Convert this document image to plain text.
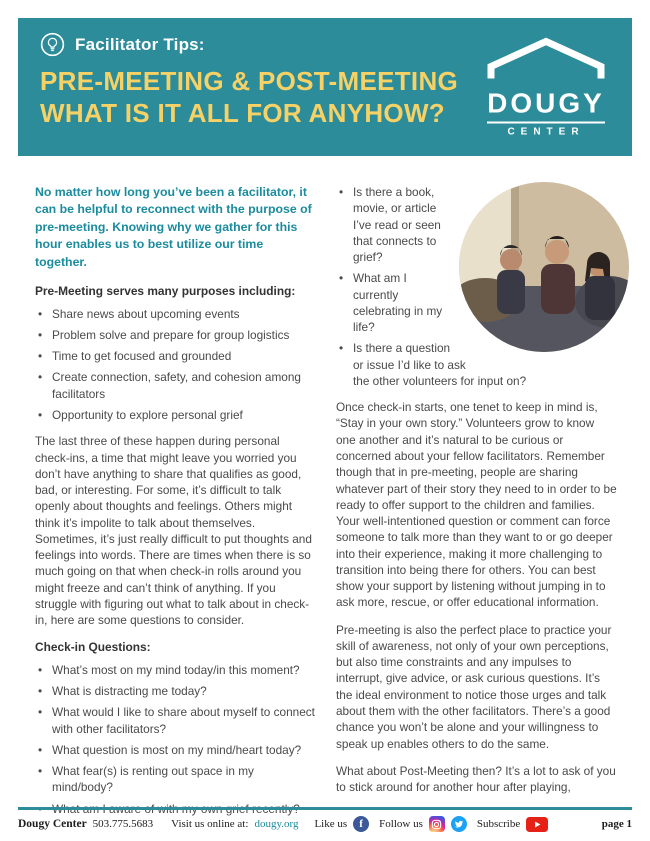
Facilitator Tips:
PRE-MEETING & POST-MEETING
WHAT IS IT ALL FOR ANYHOW?	DOUGY
CENTER

No matter how long you’ve been a facilitator, it can be helpful to reconnect with the purpose of pre-meeting. Knowing why we gather for this hour enables us to best utilize our time together.

Pre-Meeting serves many purposes including:
• Share news about upcoming events
• Problem solve and prepare for group logistics
• Time to get focused and grounded
• Create connection, safety, and cohesion among facilitators
• Opportunity to explore personal grief

The last three of these happen during personal check-ins, a time that might leave you worried you don’t have anything to share that qualifies as good, bad, or interesting. For some, it’s difficult to talk openly about thoughts and feelings. Others might think it’s impolite to talk about themselves. Sometimes, it’s just really difficult to put thoughts and feelings into words. There are times when there is so much going on that when check-in rolls around you might freeze and can’t think of anything. If you struggle with figuring out what to talk about in check-in, here are some questions to consider.

Check-in Questions:
• What’s most on my mind today/in this moment?
• What is distracting me today?
• What would I like to share about myself to connect with other facilitators?
• What question is most on my mind/heart today?
• What fear(s) is renting out space in my mind/body?
• What am I aware of with my own grief recently?
• Is there a book, movie, or article I’ve read or seen that connects to grief?
• What am I currently celebrating in my life?
• Is there a question or issue I’d like to ask the other volunteers for input on?

Once check-in starts, one tenet to keep in mind is, “Stay in your own story.” Volunteers grow to know one another and it’s natural to be curious or concerned about your fellow facilitators. Remember though that in pre-meeting, people are sharing whatever part of their story they need to in order to be ready to offer support to the children and families. Your well-intentioned question or comment can force someone to talk more than they want to or go deeper into their experience, making it more challenging to transition into being there for others. You can best show your support by listening without jumping in to ask more, rescue, or offer educational information.

Pre-meeting is also the perfect place to practice your skill of awareness, not only of your own perceptions, but also time constraints and any impulses to interrupt, give advice, or ask curious questions. It’s the ideal environment to notice those urges and talk about them with the other facilitators. There’s a good chance you won’t be alone and your willingness to speak up enables others to do the same.

What about Post-Meeting then? It’s a lot to ask of you to stick around for another hour after playing,

Dougy Center 503.775.5683 Visit us online at: dougy.org Like us	f	Follow us	Subscribe	page 1
